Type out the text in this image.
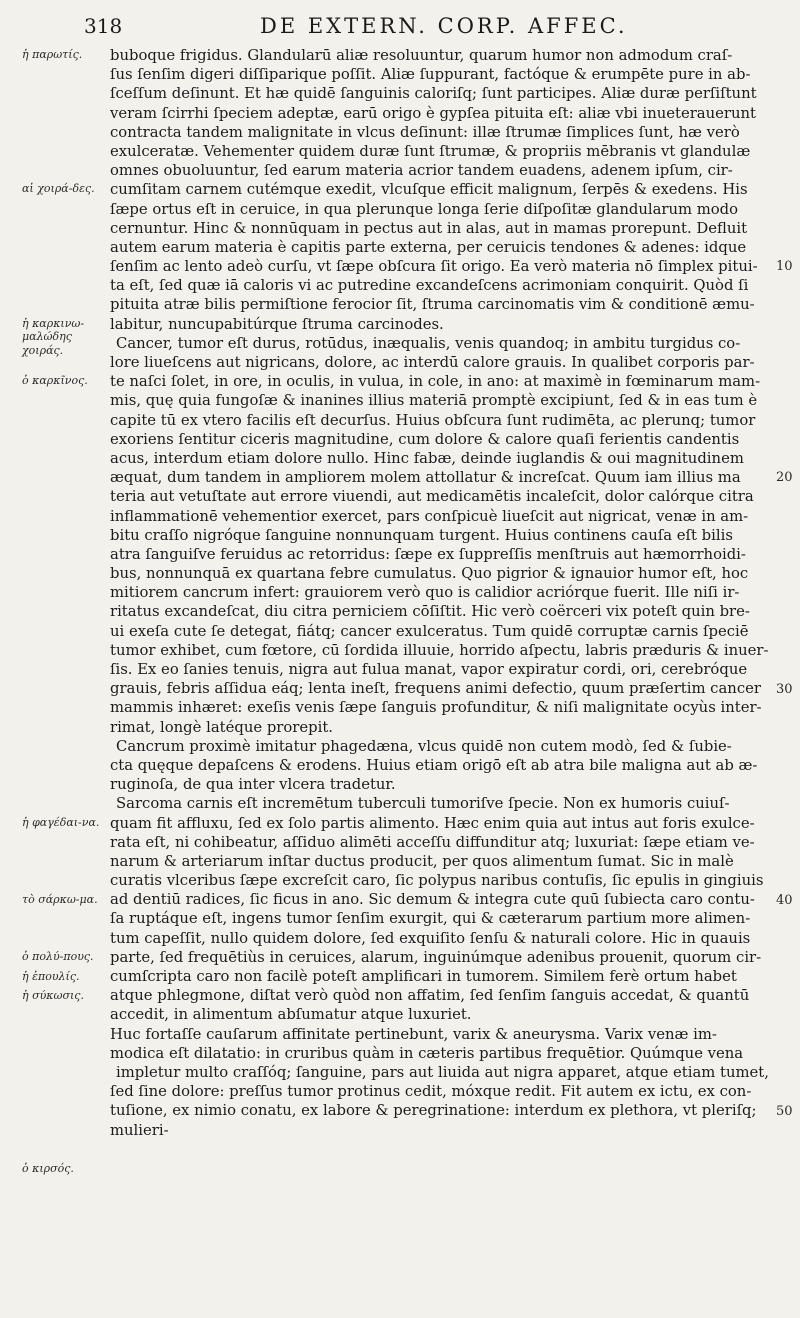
318	DE EXTERN. CORP. AFFEC.
buboque frigidus. Glandularū aliæ resoluuntur, quarum humor non admodum craſ-
ſus ſenſim digeri diſſiparique poſſit. Aliæ ſuppurant, factóque & erumpēte pure in ab-
ſceſſum deſinunt. Et hæ quidē ſanguinis caloriſq; ſunt participes. Aliæ duræ perſiſtunt
veram ſcirrhi ſpeciem adeptæ, earū origo è gypſea pituita eſt: aliæ vbi inueterauerunt
contracta tandem malignitate in vlcus deſinunt: illæ ſtrumæ ſimplices ſunt, hæ verò
exulceratæ. Vehementer quidem duræ ſunt ſtrumæ, & propriis mēbranis vt glandulæ
omnes obuoluuntur, ſed earum materia acrior tandem euadens, adenem ipſum, cir-
cumſitam carnem cutémque exedit, vlcuſque efficit malignum, ſerpēs & exedens. His
ſæpe ortus eſt in ceruice, in qua plerunque longa ſerie diſpoſitæ glandularum modo
cernuntur. Hinc & nonnūquam in pectus aut in alas, aut in mamas prorepunt. Defluit
autem earum materia è capitis parte externa, per ceruicis tendones & adenes: idque
ſenſim ac lento adeò curſu, vt ſæpe obſcura ſit origo. Ea verò materia nō ſimplex pitui-
ta eſt, ſed quæ iā caloris vi ac putredine excandeſcens acrimoniam conquirit. Quòd ſi
pituita atræ bilis permiſtione ferocior ſit, ſtruma carcinomatis vim & conditionē æmu-
labitur, nuncupabitúrque ſtruma carcinodes.
Cancer, tumor eſt durus, rotūdus, inæqualis, venis quandoq; in ambitu turgidus co-
lore liueſcens aut nigricans, dolore, ac interdū calore grauis. In qualibet corporis par-
te naſci ſolet, in ore, in oculis, in vulua, in cole, in ano: at maximè in fœminarum mam-
mis, quę quia fungoſæ & inanines illius materiā promptè excipiunt, ſed & in eas tum è
capite tū ex vtero facilis eſt decurſus. Huius obſcura ſunt rudimēta, ac plerunq; tumor
exoriens ſentitur ciceris magnitudine, cum dolore & calore quaſi ferientis candentis
acus, interdum etiam dolore nullo. Hinc fabæ, deinde iuglandis & oui magnitudinem
æquat, dum tandem in ampliorem molem attollatur & increſcat. Quum iam illius ma
teria aut vetuſtate aut errore viuendi, aut medicamētis incaleſcit, dolor calórque citra
inflammationē vehementior exercet, pars conſpicuè liueſcit aut nigricat, venæ in am-
bitu craſſo nigróque ſanguine nonnunquam turgent. Huius continens cauſa eſt bilis
atra ſanguiſve feruidus ac retorridus: ſæpe ex ſuppreſſis menſtruis aut hæmorrhoidi-
bus, nonnunquā ex quartana febre cumulatus. Quo pigrior & ignauior humor eſt, hoc
mitiorem cancrum infert: grauiorem verò quo is calidior acriórque fuerit. Ille niſi ir-
ritatus excandeſcat, diu citra perniciem cōſiſtit. Hic verò coërceri vix poteſt quin bre-
ui exeſa cute ſe detegat, fiátq; cancer exulceratus. Tum quidē corruptæ carnis ſpeciē
tumor exhibet, cum fœtore, cū ſordida illuuie, horrido aſpectu, labris præduris & inuer-
ſis. Ex eo ſanies tenuis, nigra aut fulua manat, vapor expiratur cordi, ori, cerebróque
grauis, febris aſſidua eáq; lenta ineſt, frequens animi defectio, quum præſertim cancer
mammis inhæret: exeſis venis ſæpe ſanguis profunditur, & niſi malignitate ocyùs inter-
rimat, longè latéque prorepit.
Cancrum proximè imitatur phagedæna, vlcus quidē non cutem modò, ſed & ſubie-
cta quęque depaſcens & erodens. Huius etiam origō eſt ab atra bile maligna aut ab æ-
ruginoſa, de qua inter vlcera tradetur.
Sarcoma carnis eſt incremētum tuberculi tumoriſve ſpecie. Non ex humoris cuiuſ-
quam fit affluxu, ſed ex ſolo partis alimento. Hæc enim quia aut intus aut foris exulce-
rata eſt, ni cohibeatur, aſſiduo alimēti acceſſu diffunditur atq; luxuriat: ſæpe etiam ve-
narum & arteriarum inſtar ductus producit, per quos alimentum ſumat. Sic in malè
curatis vlceribus ſæpe excreſcit caro, ſic polypus naribus contuſis, ſic epulis in gingiuis
ad dentiū radices, ſic ficus in ano. Sic demum & integra cute quū ſubiecta caro contu-
ſa ruptáque eſt, ingens tumor ſenſim exurgit, qui & cæterarum partium more alimen-
tum capeſſit, nullo quidem dolore, ſed exquiſito ſenſu & naturali colore. Hic in quauis
parte, ſed frequētiùs in ceruices, alarum, inguinúmque adenibus prouenit, quorum cir-
cumſcripta caro non facilè poteſt amplificari in tumorem. Similem ferè ortum habet
atque phlegmone, diſtat verò quòd non affatim, ſed ſenſim ſanguis accedat, & quantū
accedit, in alimentum abſumatur atque luxuriet.
Huc fortaſſe cauſarum affinitate pertinebunt, varix & aneurysma. Varix venæ im-
modica eſt dilatatio: in cruribus quàm in cæteris partibus frequētior. Quúmque vena
impletur multo craſſóq; ſanguine, pars aut liuida aut nigra apparet, atque etiam tumet,
ſed ſine dolore: preſſus tumor protinus cedit, móxque redit. Fit autem ex ictu, ex con-
tuſione, ex nimio conatu, ex labore & peregrinatione: interdum ex plethora, vt pleriſq;
mulieri-
ἡ παρωτίς.
αἱ χοιρά-δες.
ἡ καρκινω-μαλώδης χοιράς.
ὁ καρκῖνος.
ἡ φαγέδαι-να.
τὸ σάρκω-μα.
ὁ πολύ-πους.
ἡ ἐπουλίς.
ἡ σύκωσις.
ὁ κιρσός.
10
20
30
40
50
